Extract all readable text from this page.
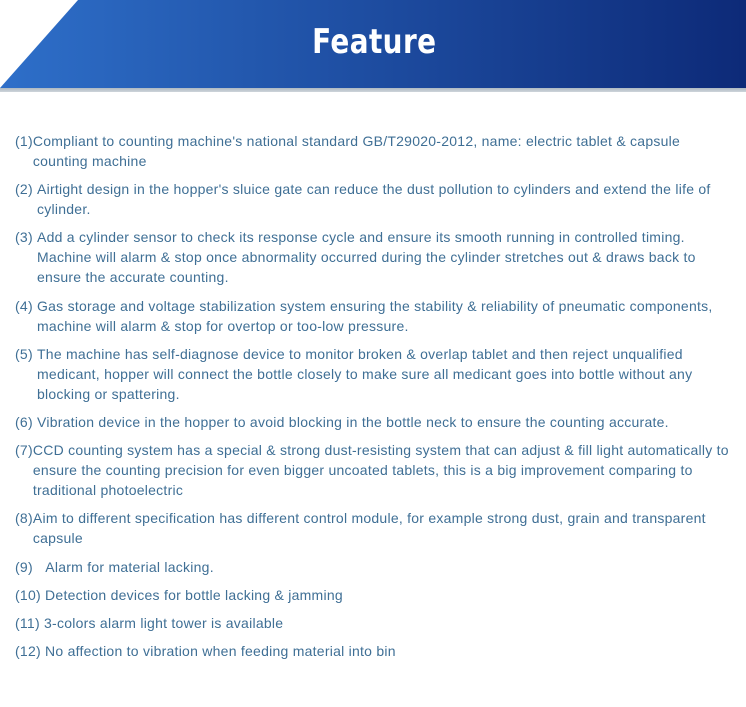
Feature
(1) Compliant to counting machine's national standard GB/T29020-2012, name: electric tablet & capsule counting machine
(2) Airtight design in the hopper's sluice gate can reduce the dust pollution to cylinders and extend the life of cylinder.
(3) Add a cylinder sensor to check its response cycle and ensure its smooth running in controlled timing. Machine will alarm & stop once abnormality occurred during the cylinder stretches out & draws back to ensure the accurate counting.
(4) Gas storage and voltage stabilization system ensuring the stability & reliability of pneumatic components, machine will alarm & stop for overtop or too-low pressure.
(5) The machine has self-diagnose device to monitor broken & overlap tablet and then reject unqualified medicant, hopper will connect the bottle closely to make sure all medicant goes into bottle without any blocking or spattering.
(6) Vibration device in the hopper to avoid blocking in the bottle neck to ensure the counting accurate.
(7) CCD counting system has a special & strong dust-resisting system that can adjust & fill light automatically to ensure the counting precision for even bigger uncoated tablets, this is a big improvement comparing to traditional photoelectric
(8) Aim to different specification has different control module, for example strong dust, grain and transparent capsule
(9) Alarm for material lacking.
(10) Detection devices for bottle lacking & jamming
(11) 3-colors alarm light tower is available
(12) No affection to vibration when feeding material into bin
